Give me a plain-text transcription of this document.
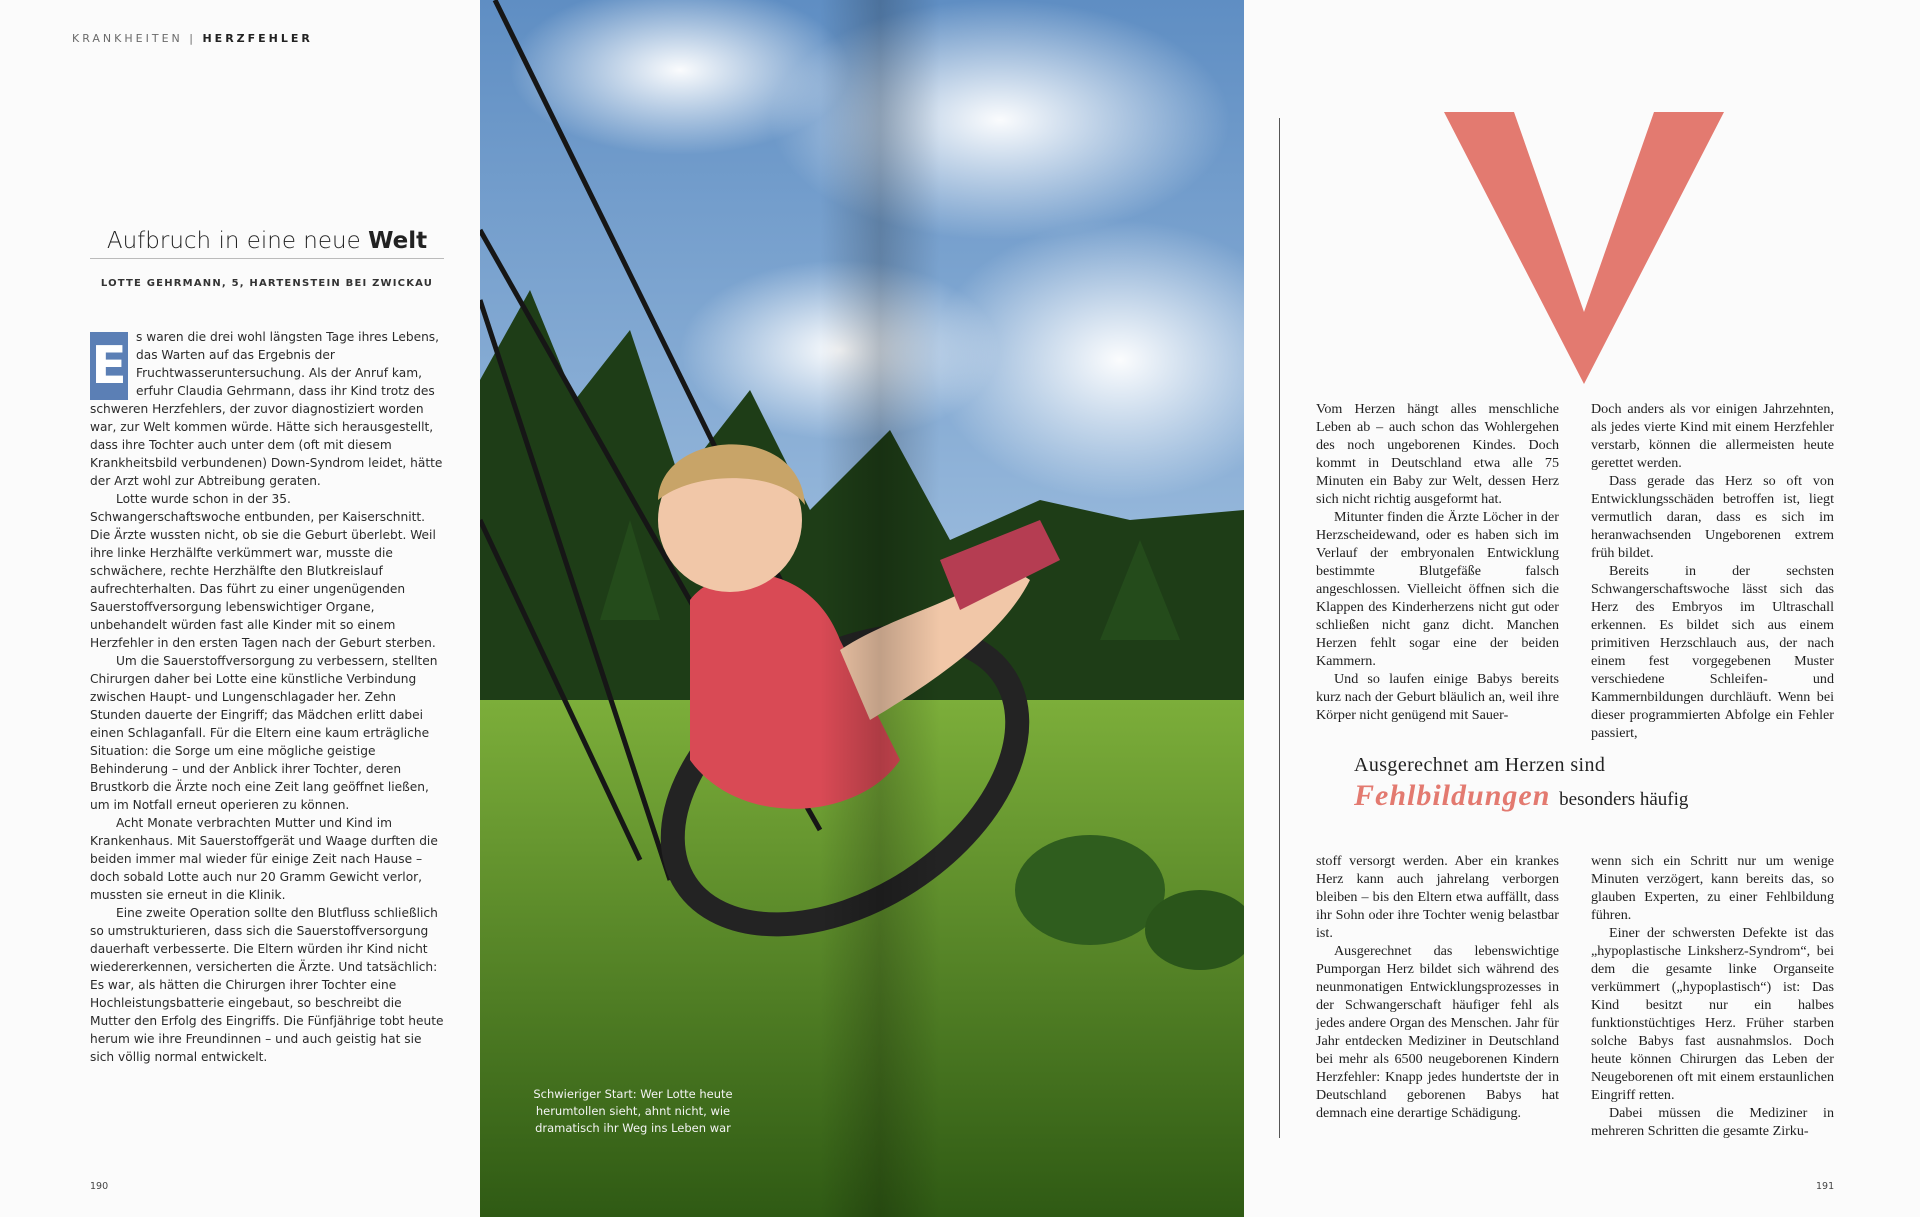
KRANKHEITEN | HERZFEHLER
Aufbruch in eine neue Welt
LOTTE GEHRMANN, 5, HARTENSTEIN BEI ZWICKAU

E s waren die drei wohl längsten Tage ihres Lebens, das Warten auf das Ergebnis der Fruchtwasseruntersuchung. Als der Anruf kam, erfuhr Claudia Gehrmann, dass ihr Kind trotz des schweren Herzfehlers, der zuvor diagnostiziert worden war, zur Welt kommen würde. Hätte sich herausgestellt, dass ihre Tochter auch unter dem (oft mit diesem Krankheitsbild verbundenen) Down-Syndrom leidet, hätte der Arzt wohl zur Abtreibung geraten.

Lotte wurde schon in der 35. Schwangerschaftswoche entbunden, per Kaiserschnitt. Die Ärzte wussten nicht, ob sie die Geburt überlebt. Weil ihre linke Herzhälfte verkümmert war, musste die schwächere, rechte Herzhälfte den Blutkreislauf aufrechterhalten. Das führt zu einer ungenügenden Sauerstoffversorgung lebenswichtiger Organe, unbehandelt würden fast alle Kinder mit so einem Herzfehler in den ersten Tagen nach der Geburt sterben.

Um die Sauerstoffversorgung zu verbessern, stellten Chirurgen daher bei Lotte eine künstliche Verbindung zwischen Haupt- und Lungenschlagader her. Zehn Stunden dauerte der Eingriff; das Mädchen erlitt dabei einen Schlaganfall. Für die Eltern eine kaum erträgliche Situation: die Sorge um eine mögliche geistige Behinderung – und der Anblick ihrer Tochter, deren Brustkorb die Ärzte noch eine Zeit lang geöffnet ließen, um im Notfall erneut operieren zu können.

Acht Monate verbrachten Mutter und Kind im Krankenhaus. Mit Sauerstoffgerät und Waage durften die beiden immer mal wieder für einige Zeit nach Hause – doch sobald Lotte auch nur 20 Gramm Gewicht verlor, mussten sie erneut in die Klinik.

Eine zweite Operation sollte den Blutfluss schließlich so umstrukturieren, dass sich die Sauerstoffversorgung dauerhaft verbesserte. Die Eltern würden ihr Kind nicht wiedererkennen, versicherten die Ärzte. Und tatsächlich: Es war, als hätten die Chirurgen ihrer Tochter eine Hochleistungsbatterie eingebaut, so beschreibt die Mutter den Erfolg des Eingriffs. Die Fünfjährige tobt heute herum wie ihre Freundinnen – und auch geistig hat sie sich völlig normal entwickelt.

190
Schwieriger Start: Wer Lotte heute herumtollen sieht, ahnt nicht, wie dramatisch ihr Weg ins Leben war
V

Vom Herzen hängt alles menschliche Leben ab – auch schon das Wohlergehen des noch ungeborenen Kindes. Doch kommt in Deutschland etwa alle 75 Minuten ein Baby zur Welt, dessen Herz sich nicht richtig ausgeformt hat.

Mitunter finden die Ärzte Löcher in der Herzscheidewand, oder es haben sich im Verlauf der embryonalen Entwicklung bestimmte Blutgefäße falsch angeschlossen. Vielleicht öffnen sich die Klappen des Kinderherzens nicht gut oder schließen nicht ganz dicht. Manchen Herzen fehlt sogar eine der beiden Kammern.

Und so laufen einige Babys bereits kurz nach der Geburt bläulich an, weil ihre Körper nicht genügend mit Sauer-

Doch anders als vor einigen Jahrzehnten, als jedes vierte Kind mit einem Herzfehler verstarb, können die allermeisten heute gerettet werden.

Dass gerade das Herz so oft von Entwicklungsschäden betroffen ist, liegt vermutlich daran, dass es sich im heranwachsenden Ungeborenen extrem früh bildet.

Bereits in der sechsten Schwangerschaftswoche lässt sich das Herz des Embryos im Ultraschall erkennen. Es bildet sich aus einem primitiven Herzschlauch aus, der nach einem fest vorgegebenen Muster verschiedene Schleifen- und Kammernbildungen durchläuft. Wenn bei dieser programmierten Abfolge ein Fehler passiert,

Ausgerechnet am Herzen sind
Fehlbildungen besonders häufig

stoff versorgt werden. Aber ein krankes Herz kann auch jahrelang verborgen bleiben – bis den Eltern etwa auffällt, dass ihr Sohn oder ihre Tochter wenig belastbar ist.

Ausgerechnet das lebenswichtige Pumporgan Herz bildet sich während des neunmonatigen Entwicklungsprozesses in der Schwangerschaft häufiger fehl als jedes andere Organ des Menschen. Jahr für Jahr entdecken Mediziner in Deutschland bei mehr als 6500 neugeborenen Kindern Herzfehler: Knapp jedes hundertste der in Deutschland geborenen Babys hat demnach eine derartige Schädigung.

wenn sich ein Schritt nur um wenige Minuten verzögert, kann bereits das, so glauben Experten, zu einer Fehlbildung führen.

Einer der schwersten Defekte ist das „hypoplastische Linksherz-Syndrom“, bei dem die gesamte linke Organseite verkümmert („hypoplastisch“) ist: Das Kind besitzt nur ein halbes funktionstüchtiges Herz. Früher starben solche Babys fast ausnahmslos. Doch heute können Chirurgen das Leben der Neugeborenen oft mit einem erstaunlichen Eingriff retten.

Dabei müssen die Mediziner in mehreren Schritten die gesamte Zirku-

191
